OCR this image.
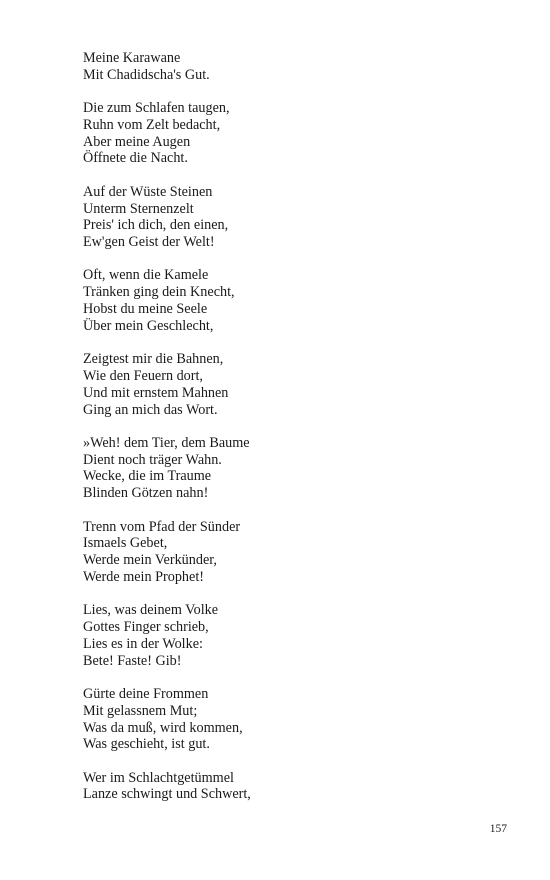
Meine Karawane
Mit Chadidscha's Gut.
Die zum Schlafen taugen,
Ruhn vom Zelt bedacht,
Aber meine Augen
Öffnete die Nacht.
Auf der Wüste Steinen
Unterm Sternenzelt
Preis' ich dich, den einen,
Ew'gen Geist der Welt!
Oft, wenn die Kamele
Tränken ging dein Knecht,
Hobst du meine Seele
Über mein Geschlecht,
Zeigtest mir die Bahnen,
Wie den Feuern dort,
Und mit ernstem Mahnen
Ging an mich das Wort.
»Weh! dem Tier, dem Baume
Dient noch träger Wahn.
Wecke, die im Traume
Blinden Götzen nahn!
Trenn vom Pfad der Sünder
Ismaels Gebet,
Werde mein Verkünder,
Werde mein Prophet!
Lies, was deinem Volke
Gottes Finger schrieb,
Lies es in der Wolke:
Bete! Faste! Gib!
Gürte deine Frommen
Mit gelassnem Mut;
Was da muß, wird kommen,
Was geschieht, ist gut.
Wer im Schlachtgetümmel
Lanze schwingt und Schwert,
157
